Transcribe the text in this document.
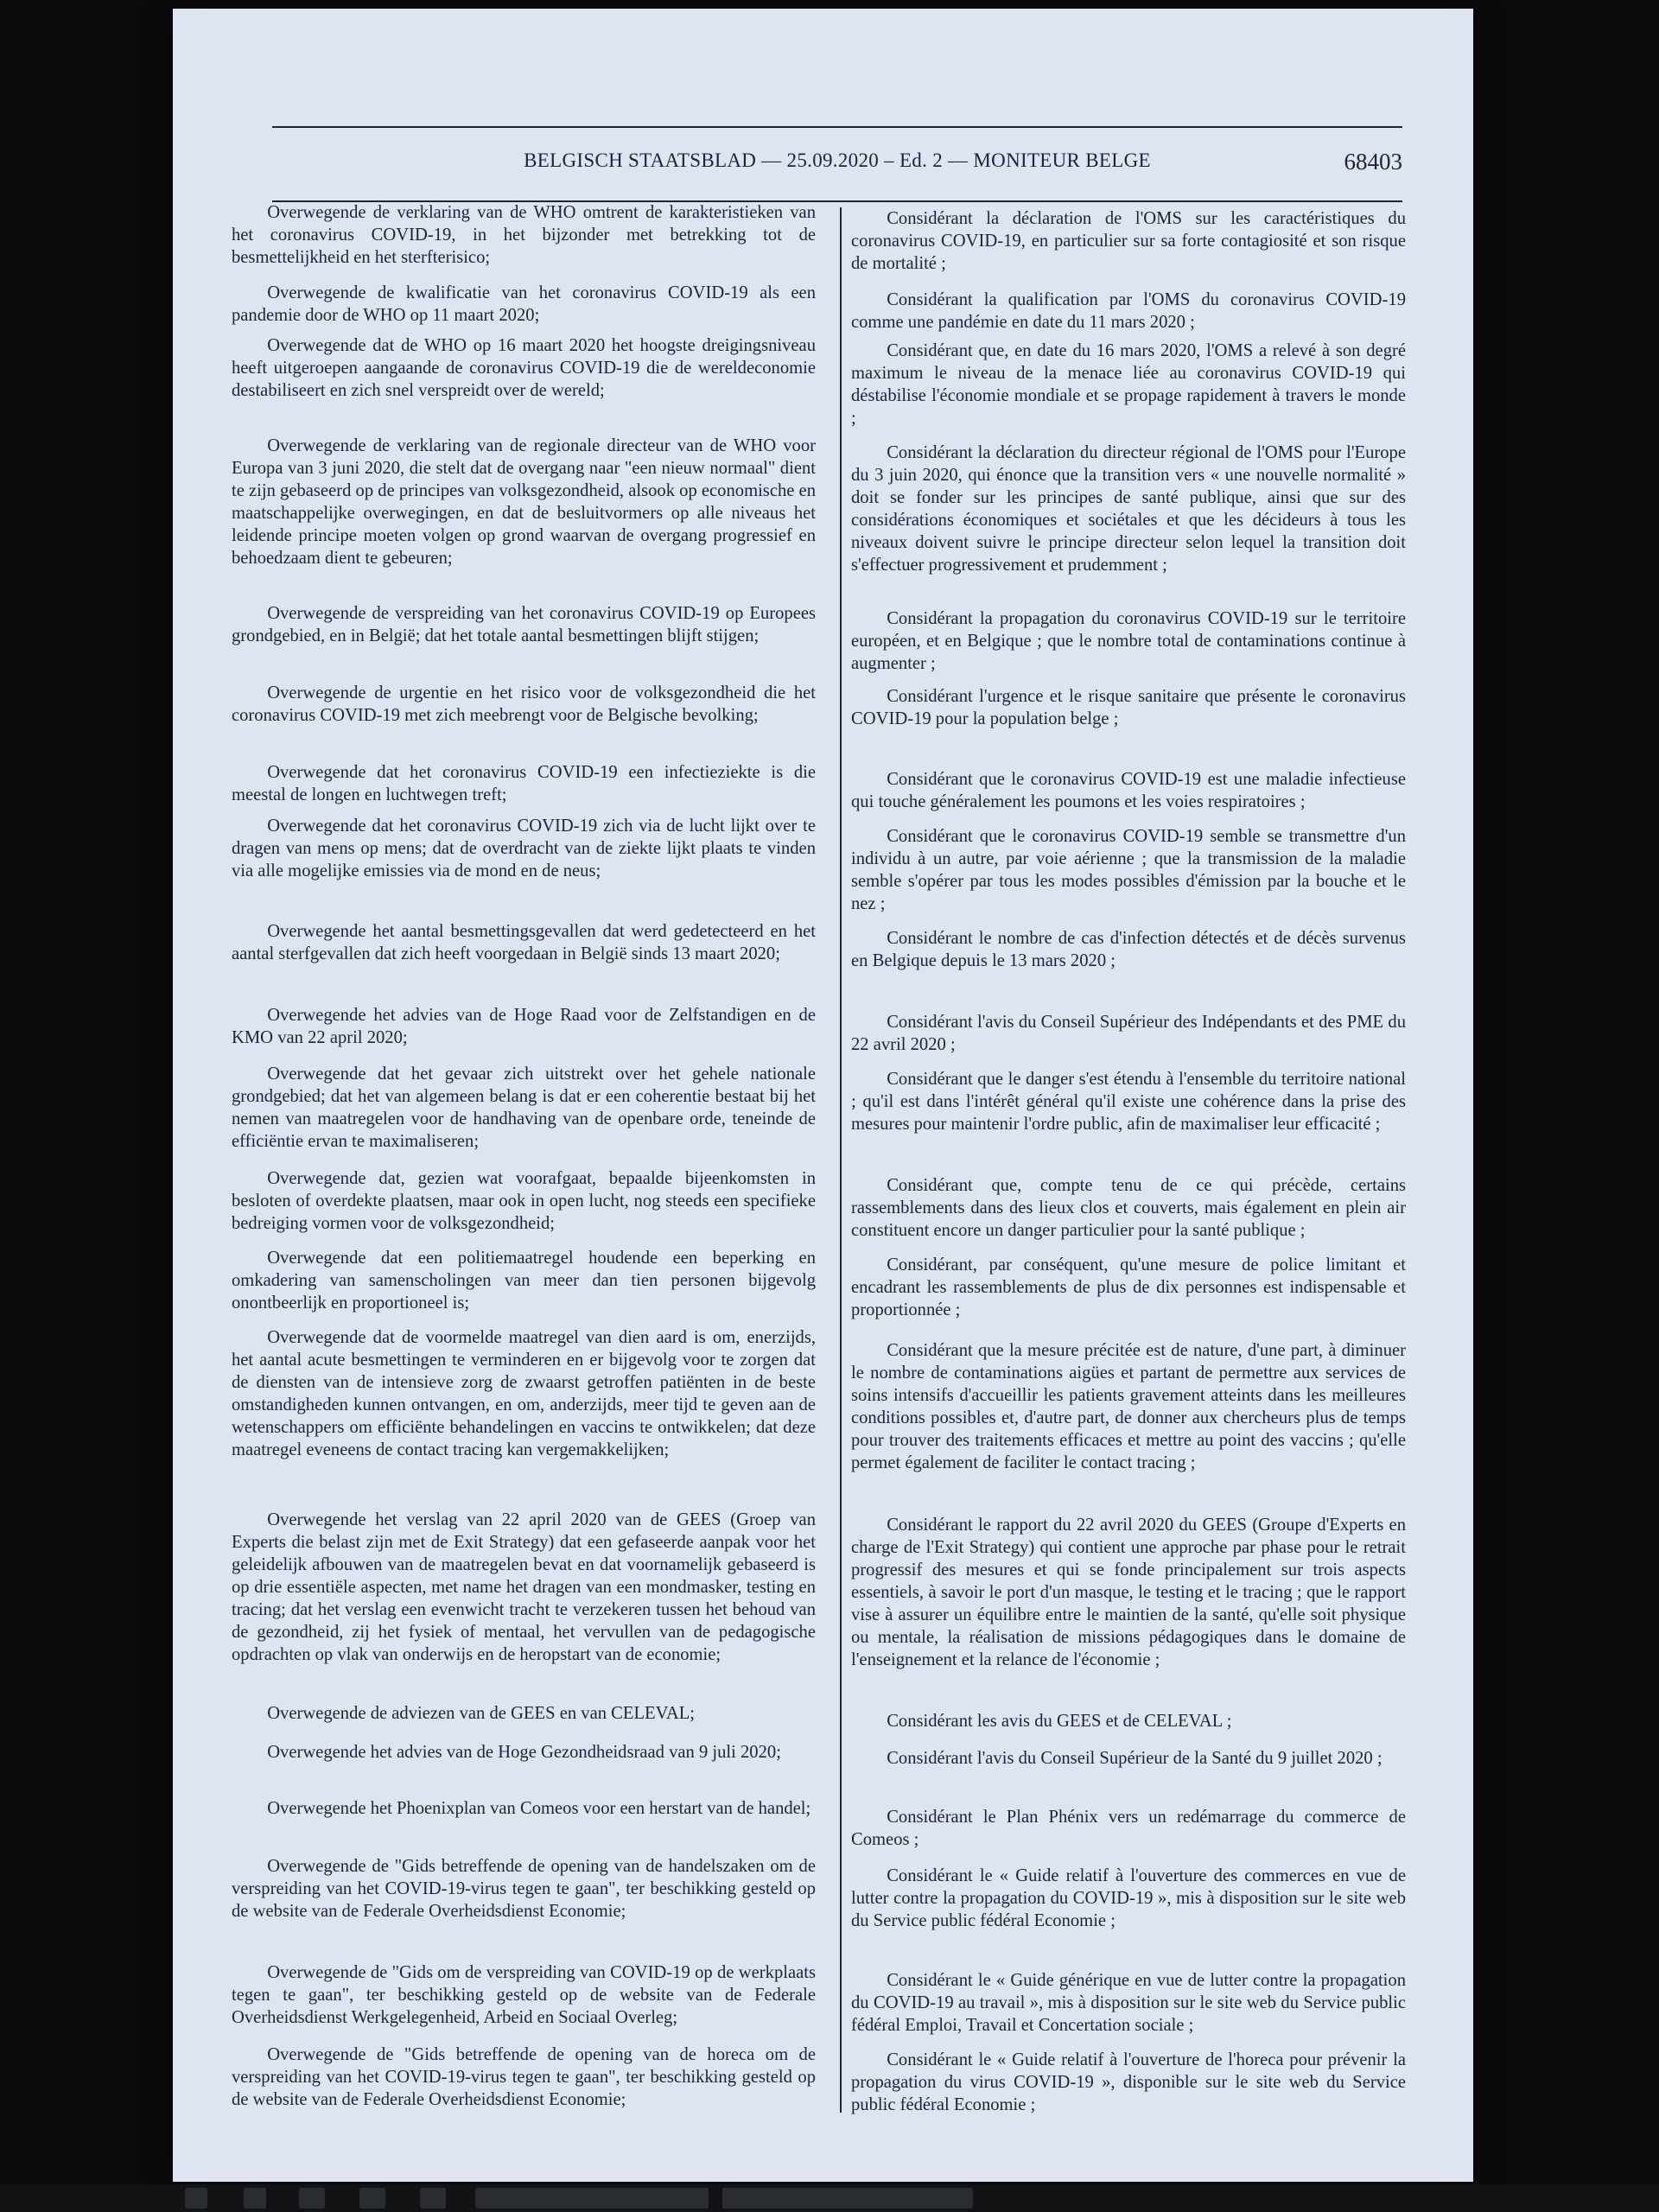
BELGISCH STAATSBLAD — 25.09.2020 – Ed. 2 — MONITEUR BELGE	68403

Overwegende de verklaring van de WHO omtrent de karakteristieken van het coronavirus COVID-19, in het bijzonder met betrekking tot de besmettelijkheid en het sterfterisico;

Overwegende de kwalificatie van het coronavirus COVID-19 als een pandemie door de WHO op 11 maart 2020;

Overwegende dat de WHO op 16 maart 2020 het hoogste dreigingsniveau heeft uitgeroepen aangaande de coronavirus COVID-19 die de wereldeconomie destabiliseert en zich snel verspreidt over de wereld;

Overwegende de verklaring van de regionale directeur van de WHO voor Europa van 3 juni 2020, die stelt dat de overgang naar "een nieuw normaal" dient te zijn gebaseerd op de principes van volksgezondheid, alsook op economische en maatschappelijke overwegingen, en dat de besluitvormers op alle niveaus het leidende principe moeten volgen op grond waarvan de overgang progressief en behoedzaam dient te gebeuren;

Overwegende de verspreiding van het coronavirus COVID-19 op Europees grondgebied, en in België; dat het totale aantal besmettingen blijft stijgen;

Overwegende de urgentie en het risico voor de volksgezondheid die het coronavirus COVID-19 met zich meebrengt voor de Belgische bevolking;

Overwegende dat het coronavirus COVID-19 een infectieziekte is die meestal de longen en luchtwegen treft;

Overwegende dat het coronavirus COVID-19 zich via de lucht lijkt over te dragen van mens op mens; dat de overdracht van de ziekte lijkt plaats te vinden via alle mogelijke emissies via de mond en de neus;

Overwegende het aantal besmettingsgevallen dat werd gedetecteerd en het aantal sterfgevallen dat zich heeft voorgedaan in België sinds 13 maart 2020;

Overwegende het advies van de Hoge Raad voor de Zelfstandigen en de KMO van 22 april 2020;

Overwegende dat het gevaar zich uitstrekt over het gehele nationale grondgebied; dat het van algemeen belang is dat er een coherentie bestaat bij het nemen van maatregelen voor de handhaving van de openbare orde, teneinde de efficiëntie ervan te maximaliseren;

Overwegende dat, gezien wat voorafgaat, bepaalde bijeenkomsten in besloten of overdekte plaatsen, maar ook in open lucht, nog steeds een specifieke bedreiging vormen voor de volksgezondheid;

Overwegende dat een politiemaatregel houdende een beperking en omkadering van samenscholingen van meer dan tien personen bijgevolg onontbeerlijk en proportioneel is;

Overwegende dat de voormelde maatregel van dien aard is om, enerzijds, het aantal acute besmettingen te verminderen en er bijgevolg voor te zorgen dat de diensten van de intensieve zorg de zwaarst getroffen patiënten in de beste omstandigheden kunnen ontvangen, en om, anderzijds, meer tijd te geven aan de wetenschappers om efficiënte behandelingen en vaccins te ontwikkelen; dat deze maatregel eveneens de contact tracing kan vergemakkelijken;

Overwegende het verslag van 22 april 2020 van de GEES (Groep van Experts die belast zijn met de Exit Strategy) dat een gefaseerde aanpak voor het geleidelijk afbouwen van de maatregelen bevat en dat voornamelijk gebaseerd is op drie essentiële aspecten, met name het dragen van een mondmasker, testing en tracing; dat het verslag een evenwicht tracht te verzekeren tussen het behoud van de gezondheid, zij het fysiek of mentaal, het vervullen van de pedagogische opdrachten op vlak van onderwijs en de heropstart van de economie;

Overwegende de adviezen van de GEES en van CELEVAL;

Overwegende het advies van de Hoge Gezondheidsraad van 9 juli 2020;

Overwegende het Phoenixplan van Comeos voor een herstart van de handel;

Overwegende de "Gids betreffende de opening van de handelszaken om de verspreiding van het COVID-19-virus tegen te gaan", ter beschikking gesteld op de website van de Federale Overheidsdienst Economie;

Overwegende de "Gids om de verspreiding van COVID-19 op de werkplaats tegen te gaan", ter beschikking gesteld op de website van de Federale Overheidsdienst Werkgelegenheid, Arbeid en Sociaal Overleg;

Overwegende de "Gids betreffende de opening van de horeca om de verspreiding van het COVID-19-virus tegen te gaan", ter beschikking gesteld op de website van de Federale Overheidsdienst Economie;

Considérant la déclaration de l'OMS sur les caractéristiques du coronavirus COVID-19, en particulier sur sa forte contagiosité et son risque de mortalité ;

Considérant la qualification par l'OMS du coronavirus COVID-19 comme une pandémie en date du 11 mars 2020 ;

Considérant que, en date du 16 mars 2020, l'OMS a relevé à son degré maximum le niveau de la menace liée au coronavirus COVID-19 qui déstabilise l'économie mondiale et se propage rapidement à travers le monde ;

Considérant la déclaration du directeur régional de l'OMS pour l'Europe du 3 juin 2020, qui énonce que la transition vers « une nouvelle normalité » doit se fonder sur les principes de santé publique, ainsi que sur des considérations économiques et sociétales et que les décideurs à tous les niveaux doivent suivre le principe directeur selon lequel la transition doit s'effectuer progressivement et prudemment ;

Considérant la propagation du coronavirus COVID-19 sur le territoire européen, et en Belgique ; que le nombre total de contaminations continue à augmenter ;

Considérant l'urgence et le risque sanitaire que présente le coronavirus COVID-19 pour la population belge ;

Considérant que le coronavirus COVID-19 est une maladie infectieuse qui touche généralement les poumons et les voies respiratoires ;

Considérant que le coronavirus COVID-19 semble se transmettre d'un individu à un autre, par voie aérienne ; que la transmission de la maladie semble s'opérer par tous les modes possibles d'émission par la bouche et le nez ;

Considérant le nombre de cas d'infection détectés et de décès survenus en Belgique depuis le 13 mars 2020 ;

Considérant l'avis du Conseil Supérieur des Indépendants et des PME du 22 avril 2020 ;

Considérant que le danger s'est étendu à l'ensemble du territoire national ; qu'il est dans l'intérêt général qu'il existe une cohérence dans la prise des mesures pour maintenir l'ordre public, afin de maximaliser leur efficacité ;

Considérant que, compte tenu de ce qui précède, certains rassemblements dans des lieux clos et couverts, mais également en plein air constituent encore un danger particulier pour la santé publique ;

Considérant, par conséquent, qu'une mesure de police limitant et encadrant les rassemblements de plus de dix personnes est indispensable et proportionnée ;

Considérant que la mesure précitée est de nature, d'une part, à diminuer le nombre de contaminations aigües et partant de permettre aux services de soins intensifs d'accueillir les patients gravement atteints dans les meilleures conditions possibles et, d'autre part, de donner aux chercheurs plus de temps pour trouver des traitements efficaces et mettre au point des vaccins ; qu'elle permet également de faciliter le contact tracing ;

Considérant le rapport du 22 avril 2020 du GEES (Groupe d'Experts en charge de l'Exit Strategy) qui contient une approche par phase pour le retrait progressif des mesures et qui se fonde principalement sur trois aspects essentiels, à savoir le port d'un masque, le testing et le tracing ; que le rapport vise à assurer un équilibre entre le maintien de la santé, qu'elle soit physique ou mentale, la réalisation de missions pédagogiques dans le domaine de l'enseignement et la relance de l'économie ;

Considérant les avis du GEES et de CELEVAL ;

Considérant l'avis du Conseil Supérieur de la Santé du 9 juillet 2020 ;

Considérant le Plan Phénix vers un redémarrage du commerce de Comeos ;

Considérant le « Guide relatif à l'ouverture des commerces en vue de lutter contre la propagation du COVID-19 », mis à disposition sur le site web du Service public fédéral Economie ;

Considérant le « Guide générique en vue de lutter contre la propagation du COVID-19 au travail », mis à disposition sur le site web du Service public fédéral Emploi, Travail et Concertation sociale ;

Considérant le « Guide relatif à l'ouverture de l'horeca pour prévenir la propagation du virus COVID-19 », disponible sur le site web du Service public fédéral Economie ;
